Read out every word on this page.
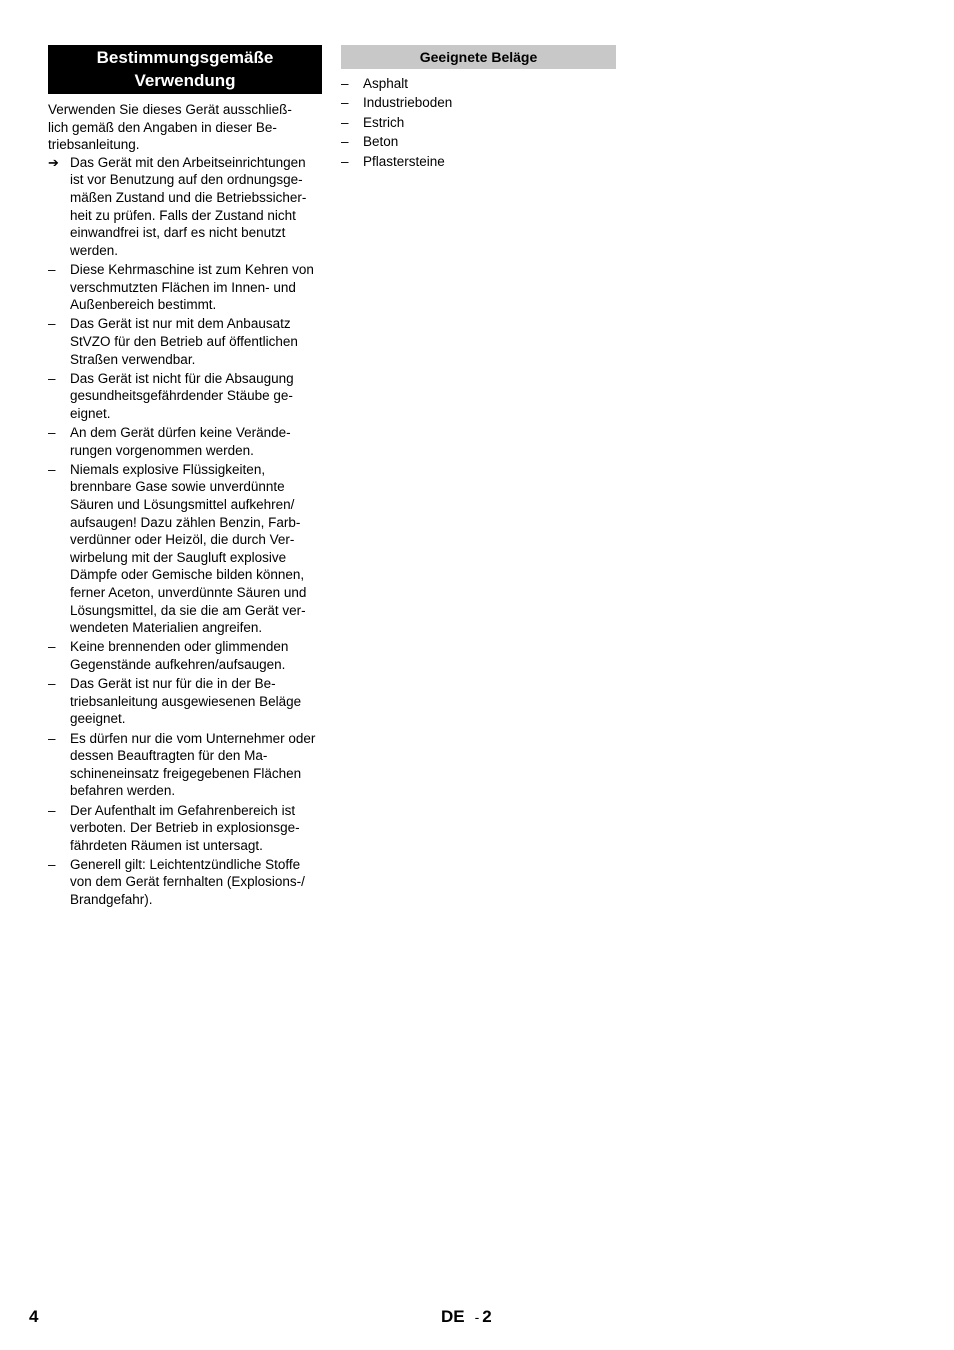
Bestimmungsgemäße
Verwendung

Verwenden Sie dieses Gerät ausschließ-lich gemäß den Angaben in dieser Be-triebsanleitung.

➔ Das Gerät mit den Arbeitseinrichtungen ist vor Benutzung auf den ordnungsge-mäßen Zustand und die Betriebssicher-heit zu prüfen. Falls der Zustand nicht einwandfrei ist, darf es nicht benutzt werden.
–	Diese Kehrmaschine ist zum Kehren von verschmutzten Flächen im Innen- und Außenbereich bestimmt.
–	Das Gerät ist nur mit dem Anbausatz StVZO für den Betrieb auf öffentlichen Straßen verwendbar.
–	Das Gerät ist nicht für die Absaugung gesundheitsgefährdender Stäube ge-eignet.
–	An dem Gerät dürfen keine Verände-rungen vorgenommen werden.
–	Niemals explosive Flüssigkeiten, brennbare Gase sowie unverdünnte Säuren und Lösungsmittel aufkehren/ aufsaugen! Dazu zählen Benzin, Farb-verdünner oder Heizöl, die durch Ver-wirbelung mit der Saugluft explosive Dämpfe oder Gemische bilden können, ferner Aceton, unverdünnte Säuren und Lösungsmittel, da sie die am Gerät ver-wendeten Materialien angreifen.
–	Keine brennenden oder glimmenden Gegenstände aufkehren/aufsaugen.
–	Das Gerät ist nur für die in der Be-triebsanleitung ausgewiesenen Beläge geeignet.
–	Es dürfen nur die vom Unternehmer oder dessen Beauftragten für den Ma-schineneinsatz freigegebenen Flächen befahren werden.
–	Der Aufenthalt im Gefahrenbereich ist verboten. Der Betrieb in explosionsge-fährdeten Räumen ist untersagt.
–	Generell gilt: Leichtentzündliche Stoffe von dem Gerät fernhalten (Explosions-/ Brandgefahr).
Geeignete Beläge
–	Asphalt
–	Industrieboden
–	Estrich
–	Beton
–	Pflastersteine
4	DE - 2
